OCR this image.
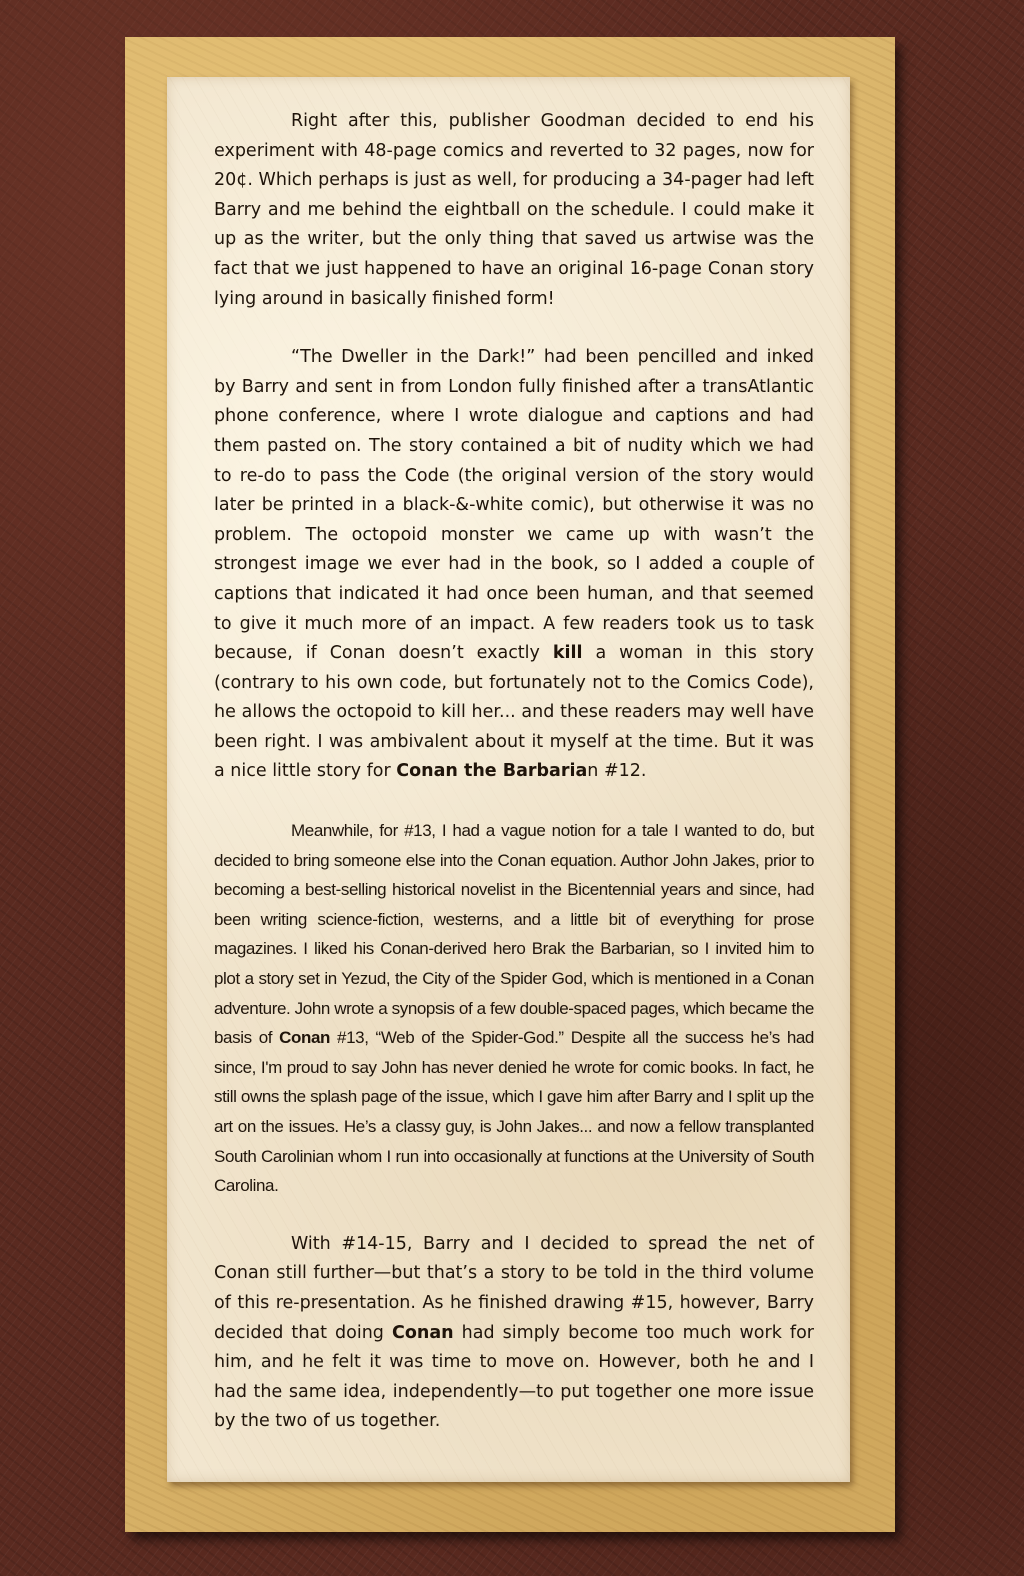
Right after this, publisher Goodman decided to end his experiment with 48-page comics and reverted to 32 pages, now for 20¢. Which perhaps is just as well, for producing a 34-pager had left Barry and me behind the eightball on the schedule. I could make it up as the writer, but the only thing that saved us artwise was the fact that we just happened to have an original 16-page Conan story lying around in basically finished form!

“The Dweller in the Dark!” had been pencilled and inked by Barry and sent in from London fully finished after a transAtlantic phone conference, where I wrote dialogue and captions and had them pasted on. The story contained a bit of nudity which we had to re-do to pass the Code (the original version of the story would later be printed in a black-&-white comic), but otherwise it was no problem. The octopoid monster we came up with wasn’t the strongest image we ever had in the book, so I added a couple of captions that indicated it had once been human, and that seemed to give it much more of an impact. A few readers took us to task because, if Conan doesn’t exactly kill a woman in this story (contrary to his own code, but fortunately not to the Comics Code), he allows the octopoid to kill her... and these readers may well have been right. I was ambivalent about it myself at the time. But it was a nice little story for Conan the Barbarian #12.

Meanwhile, for #13, I had a vague notion for a tale I wanted to do, but decided to bring someone else into the Conan equation. Author John Jakes, prior to becoming a best-selling historical novelist in the Bicentennial years and since, had been writing science-fiction, westerns, and a little bit of everything for prose magazines. I liked his Conan-derived hero Brak the Barbarian, so I invited him to plot a story set in Yezud, the City of the Spider God, which is mentioned in a Conan adventure. John wrote a synopsis of a few double-spaced pages, which became the basis of Conan #13, “Web of the Spider-God.” Despite all the success he’s had since, I'm proud to say John has never denied he wrote for comic books. In fact, he still owns the splash page of the issue, which I gave him after Barry and I split up the art on the issues. He’s a classy guy, is John Jakes... and now a fellow transplanted South Carolinian whom I run into occasionally at functions at the University of South Carolina.

With #14-15, Barry and I decided to spread the net of Conan still further—but that’s a story to be told in the third volume of this re-presentation. As he finished drawing #15, however, Barry decided that doing Conan had simply become too much work for him, and he felt it was time to move on. However, both he and I had the same idea, independently—to put together one more issue by the two of us together.
